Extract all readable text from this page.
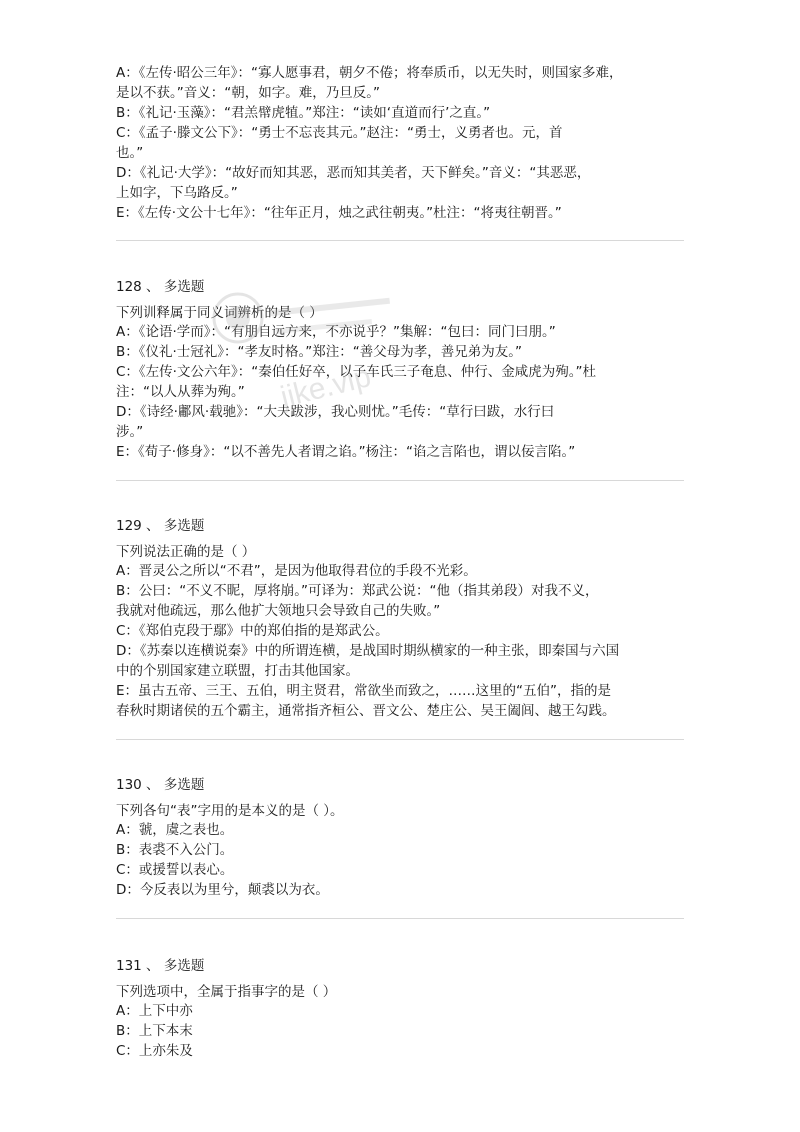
A：《左传·昭公三年》：“寡人愿事君，朝夕不倦；将奉质币，以无失时，则国家多难，
是以不获。”音义：“朝，如字。难，乃旦反。”
B：《礼记·玉藻》：“君羔幦虎犆。”郑注：“读如‘直道而行’之直。”
C：《孟子·滕文公下》：“勇士不忘丧其元。”赵注：“勇士，义勇者也。元，首
也。”
D：《礼记·大学》：“故好而知其恶，恶而知其美者，天下鲜矣。”音义：“其恶恶，
上如字，下乌路反。”
E：《左传·文公十七年》：“往年正月，烛之武往朝夷。”杜注：“将夷往朝晋。”
128 、 多选题
下列训释属于同义词辨析的是（ ）
A：《论语·学而》：“有朋自远方来，不亦说乎？”集解：“包曰：同门曰朋。”
B：《仪礼·士冠礼》：“孝友时格。”郑注：“善父母为孝，善兄弟为友。”
C：《左传·文公六年》：“秦伯任好卒，以子车氏三子奄息、仲行、金咸虎为殉。”杜
注：“以人从葬为殉。”
D：《诗经·鄘风·载驰》：“大夫跋涉，我心则忧。”毛传：“草行曰跋，水行曰
涉。”
E：《荀子·修身》：“以不善先人者谓之谄。”杨注：“谄之言陷也，谓以佞言陷。”
129 、 多选题
下列说法正确的是（ ）
A：晋灵公之所以“不君”，是因为他取得君位的手段不光彩。
B：公曰：“不义不昵，厚将崩。”可译为：郑武公说：“他（指其弟段）对我不义，
我就对他疏远，那么他扩大领地只会导致自己的失败。”
C：《郑伯克段于鄢》中的郑伯指的是郑武公。
D：《苏秦以连横说秦》中的所谓连横，是战国时期纵横家的一种主张，即秦国与六国
中的个别国家建立联盟，打击其他国家。
E：虽古五帝、三王、五伯，明主贤君，常欲坐而致之，……这里的“五伯”，指的是
春秋时期诸侯的五个霸主，通常指齐桓公、晋文公、楚庄公、吴王阖闾、越王勾践。
130 、 多选题
下列各句“表”字用的是本义的是（ ）。
A：虢，虞之表也。
B：表裘不入公门。
C：或援誓以表心。
D：今反表以为里兮，颠裘以为衣。
131 、 多选题
下列选项中，全属于指事字的是（ ）
A：上下中亦
B：上下本末
C：上亦朱及
jike.vip
